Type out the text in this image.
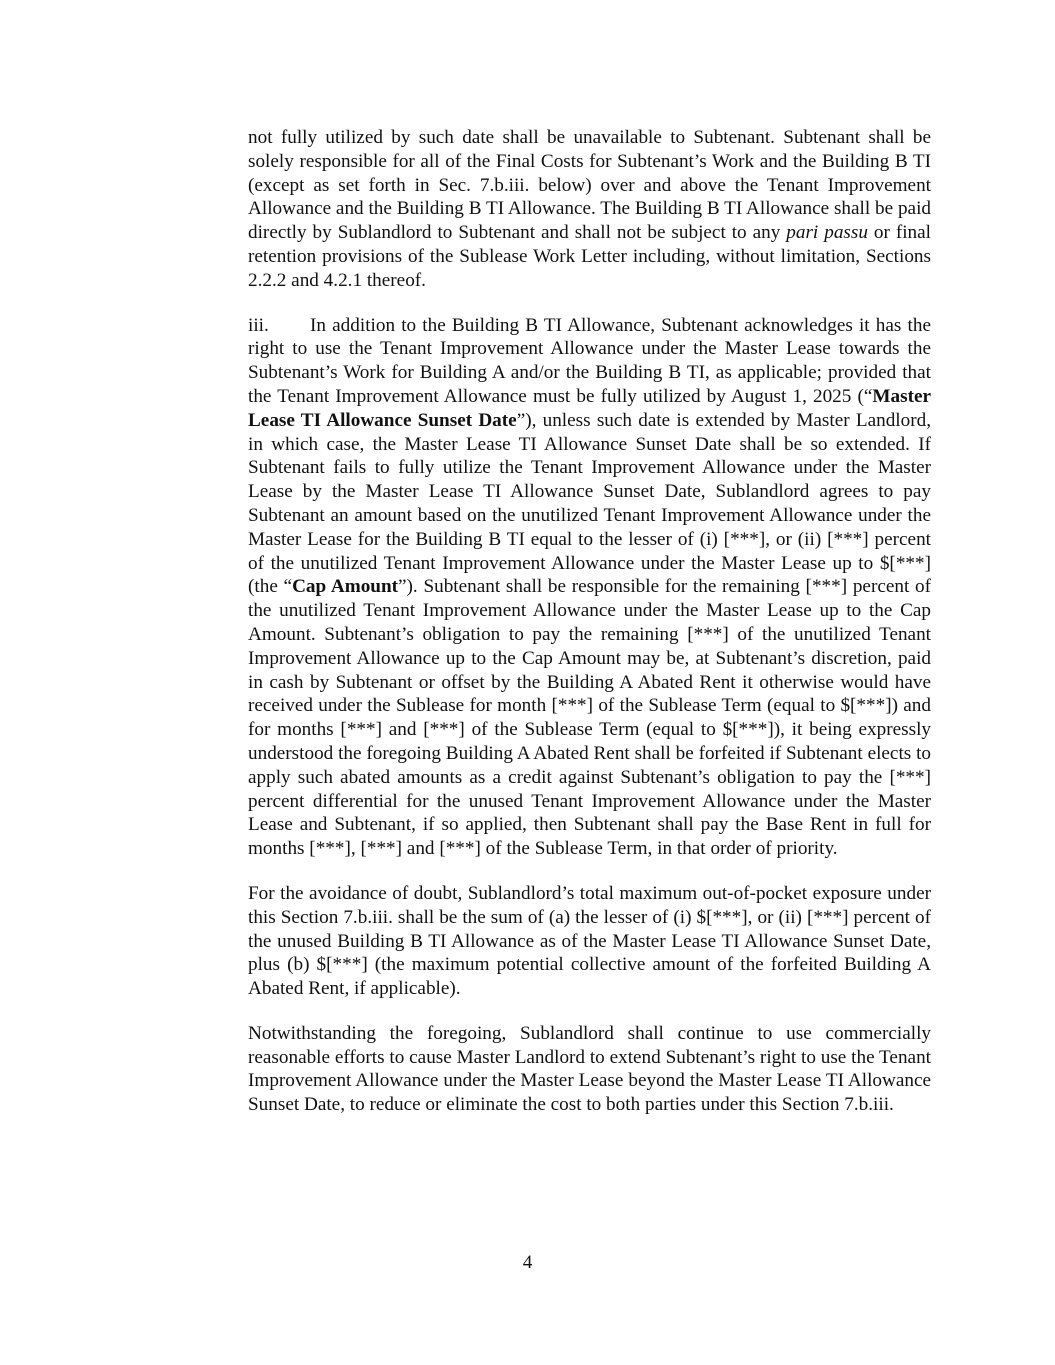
not fully utilized by such date shall be unavailable to Subtenant. Subtenant shall be solely responsible for all of the Final Costs for Subtenant’s Work and the Building B TI (except as set forth in Sec. 7.b.iii. below) over and above the Tenant Improvement Allowance and the Building B TI Allowance. The Building B TI Allowance shall be paid directly by Sublandlord to Subtenant and shall not be subject to any pari passu or final retention provisions of the Sublease Work Letter including, without limitation, Sections 2.2.2 and 4.2.1 thereof.

iii. In addition to the Building B TI Allowance, Subtenant acknowledges it has the right to use the Tenant Improvement Allowance under the Master Lease towards the Subtenant’s Work for Building A and/or the Building B TI, as applicable; provided that the Tenant Improvement Allowance must be fully utilized by August 1, 2025 (“Master Lease TI Allowance Sunset Date”), unless such date is extended by Master Landlord, in which case, the Master Lease TI Allowance Sunset Date shall be so extended. If Subtenant fails to fully utilize the Tenant Improvement Allowance under the Master Lease by the Master Lease TI Allowance Sunset Date, Sublandlord agrees to pay Subtenant an amount based on the unutilized Tenant Improvement Allowance under the Master Lease for the Building B TI equal to the lesser of (i) [***], or (ii) [***] percent of the unutilized Tenant Improvement Allowance under the Master Lease up to $[***] (the “Cap Amount”). Subtenant shall be responsible for the remaining [***] percent of the unutilized Tenant Improvement Allowance under the Master Lease up to the Cap Amount. Subtenant’s obligation to pay the remaining [***] of the unutilized Tenant Improvement Allowance up to the Cap Amount may be, at Subtenant’s discretion, paid in cash by Subtenant or offset by the Building A Abated Rent it otherwise would have received under the Sublease for month [***] of the Sublease Term (equal to $[***]) and for months [***] and [***] of the Sublease Term (equal to $[***]), it being expressly understood the foregoing Building A Abated Rent shall be forfeited if Subtenant elects to apply such abated amounts as a credit against Subtenant’s obligation to pay the [***] percent differential for the unused Tenant Improvement Allowance under the Master Lease and Subtenant, if so applied, then Subtenant shall pay the Base Rent in full for months [***], [***] and [***] of the Sublease Term, in that order of priority.

For the avoidance of doubt, Sublandlord’s total maximum out-of-pocket exposure under this Section 7.b.iii. shall be the sum of (a) the lesser of (i) $[***], or (ii) [***] percent of the unused Building B TI Allowance as of the Master Lease TI Allowance Sunset Date, plus (b) $[***] (the maximum potential collective amount of the forfeited Building A Abated Rent, if applicable).

Notwithstanding the foregoing, Sublandlord shall continue to use commercially reasonable efforts to cause Master Landlord to extend Subtenant’s right to use the Tenant Improvement Allowance under the Master Lease beyond the Master Lease TI Allowance Sunset Date, to reduce or eliminate the cost to both parties under this Section 7.b.iii.

4
